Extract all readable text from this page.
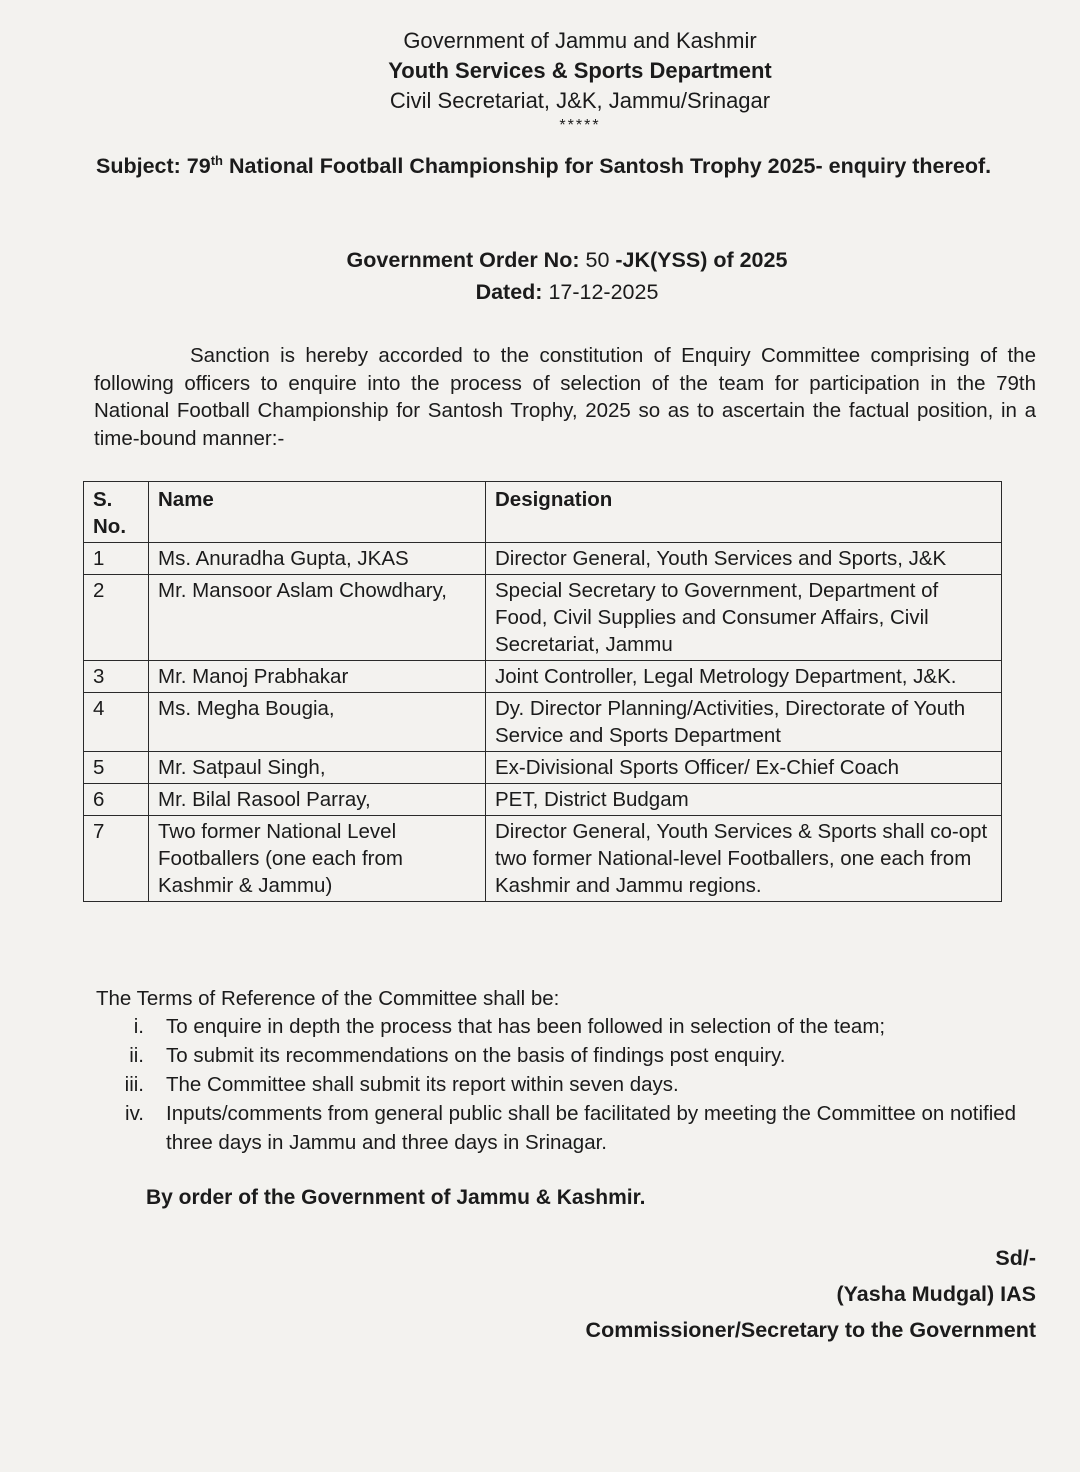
Government of Jammu and Kashmir
Youth Services & Sports Department
Civil Secretariat, J&K, Jammu/Srinagar
*****
Subject: 79th National Football Championship for Santosh Trophy 2025- enquiry thereof.
Government Order No: 50 -JK(YSS) of 2025
Dated: 17-12-2025
Sanction is hereby accorded to the constitution of Enquiry Committee comprising of the following officers to enquire into the process of selection of the team for participation in the 79th National Football Championship for Santosh Trophy, 2025 so as to ascertain the factual position, in a time-bound manner:-
S. No.	Name	Designation
1	Ms. Anuradha Gupta, JKAS	Director General, Youth Services and Sports, J&K
2	Mr. Mansoor Aslam Chowdhary,	Special Secretary to Government, Department of Food, Civil Supplies and Consumer Affairs, Civil Secretariat, Jammu
3	Mr. Manoj Prabhakar	Joint Controller, Legal Metrology Department, J&K.
4	Ms. Megha Bougia,	Dy. Director Planning/Activities, Directorate of Youth Service and Sports Department
5	Mr. Satpaul Singh,	Ex-Divisional Sports Officer/ Ex-Chief Coach
6	Mr. Bilal Rasool Parray,	PET, District Budgam
7	Two former National Level Footballers (one each from Kashmir & Jammu)	Director General, Youth Services & Sports shall co-opt two former National-level Footballers, one each from Kashmir and Jammu regions.
The Terms of Reference of the Committee shall be:
i. To enquire in depth the process that has been followed in selection of the team;
ii. To submit its recommendations on the basis of findings post enquiry.
iii. The Committee shall submit its report within seven days.
iv. Inputs/comments from general public shall be facilitated by meeting the Committee on notified three days in Jammu and three days in Srinagar.
By order of the Government of Jammu & Kashmir.
Sd/-
(Yasha Mudgal) IAS
Commissioner/Secretary to the Government
